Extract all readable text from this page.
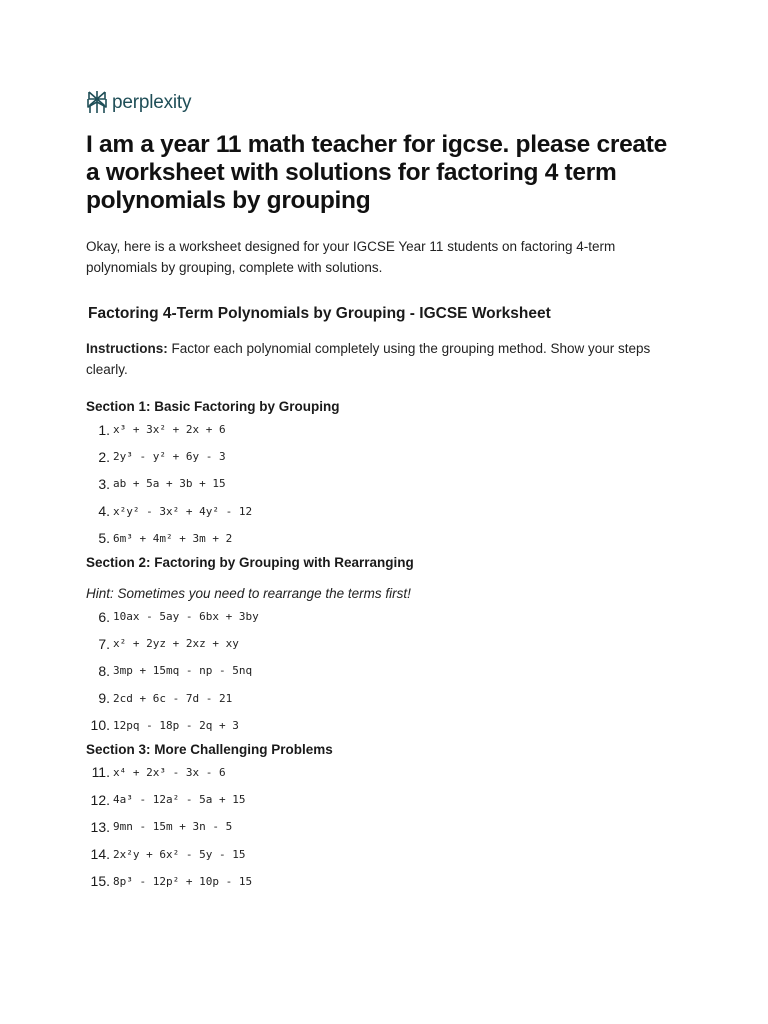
perplexity
I am a year 11 math teacher for igcse. please create a worksheet with solutions for factoring 4 term polynomials by grouping

Okay, here is a worksheet designed for your IGCSE Year 11 students on factoring 4-term polynomials by grouping, complete with solutions.

Factoring 4-Term Polynomials by Grouping - IGCSE Worksheet

Instructions: Factor each polynomial completely using the grouping method. Show your steps clearly.

Section 1: Basic Factoring by Grouping
1. x³ + 3x² + 2x + 6
2. 2y³ - y² + 6y - 3
3. ab + 5a + 3b + 15
4. x²y² - 3x² + 4y² - 12
5. 6m³ + 4m² + 3m + 2
Section 2: Factoring by Grouping with Rearranging

Hint: Sometimes you need to rearrange the terms first!

6. 10ax - 5ay - 6bx + 3by
7. x² + 2yz + 2xz + xy
8. 3mp + 15mq - np - 5nq
9. 2cd + 6c - 7d - 21
10. 12pq - 18p - 2q + 3
Section 3: More Challenging Problems
11. x⁴ + 2x³ - 3x - 6
12. 4a³ - 12a² - 5a + 15
13. 9mn - 15m + 3n - 5
14. 2x²y + 6x² - 5y - 15
15. 8p³ - 12p² + 10p - 15
